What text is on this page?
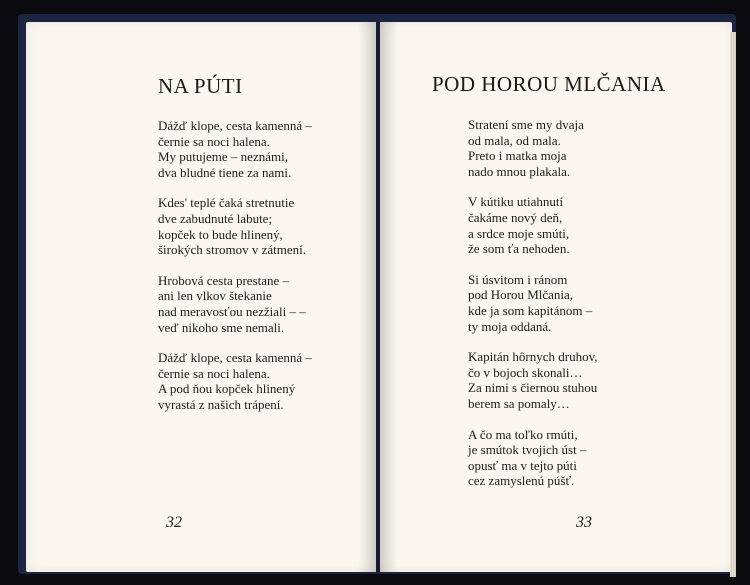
NA PÚTI
Dážď klope, cesta kamenná –
černie sa noci halena.
My putujeme – neznámi,
dva bludné tiene za nami.
Kdes' teplé čaká stretnutie
dve zabudnuté labute;
kopček to bude hlinený,
širokých stromov v zátmení.
Hrobová cesta prestane –
ani len vlkov štekanie
nad meravosťou nezžiali – –
veď nikoho sme nemali.
Dážď klope, cesta kamenná –
černie sa noci halena.
A pod ňou kopček hlinený
vyrastá z našich trápení.
32
POD HOROU MLČANIA
Stratení sme my dvaja
od mala, od mala.
Preto i matka moja
nado mnou plakala.
V kútiku utiahnutí
čakáme nový deň,
a srdce moje smúti,
že som ťa nehoden.
Si úsvitom i ránom
pod Horou Mlčania,
kde ja som kapitánom –
ty moja oddaná.
Kapitán hôrnych druhov,
čo v bojoch skonali…
Za nimi s čiernou stuhou
berem sa pomaly…
A čo ma toľko rmúti,
je smútok tvojich úst –
opusť ma v tejto púti
cez zamyslenú púšť.
33
